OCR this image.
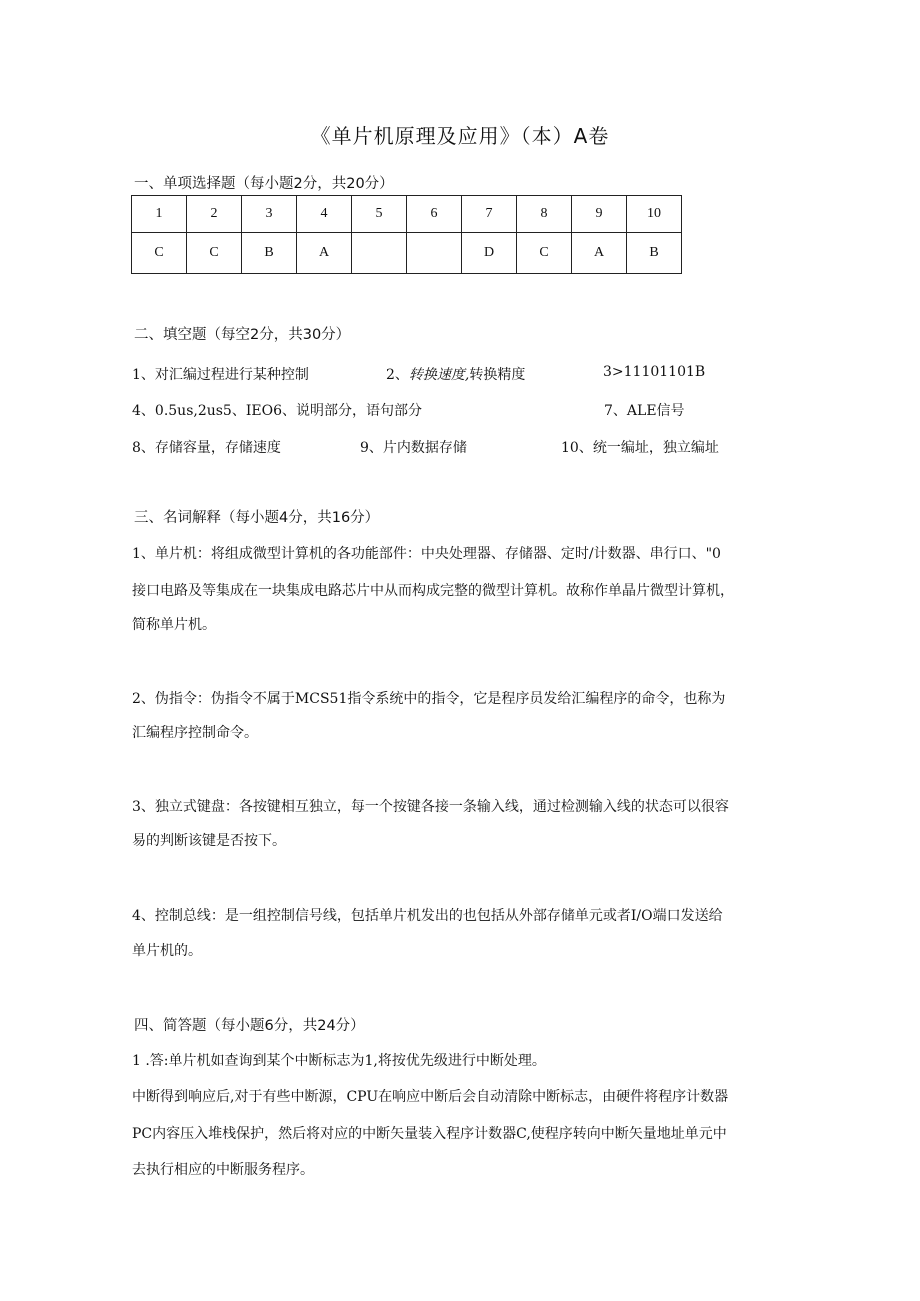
《单片机原理及应用》（本）A卷
一、单项选择题（每小题2分，共20分）
1	2	3	4	5	6	7	8	9	10
C	C	B	A			D	C	A	B
二、填空题（每空2分，共30分）
1、对汇编过程进行某种控制	2、转换速度,转换精度	3>11101101B
4、0.5us,2us5、IEO6、说明部分，语句部分	7、ALE信号
8、存储容量，存储速度	9、片内数据存储	10、统一编址，独立编址
三、名词解释（每小题4分，共16分）
1、单片机：将组成微型计算机的各功能部件：中央处理器、存储器、定时/计数器、串行口、"0
接口电路及等集成在一块集成电路芯片中从而构成完整的微型计算机。故称作单晶片微型计算机，
简称单片机。
2、伪指令：伪指令不属于MCS51指令系统中的指令，它是程序员发给汇编程序的命令，也称为
汇编程序控制命令。
3、独立式键盘：各按键相互独立，每一个按键各接一条输入线，通过检测输入线的状态可以很容
易的判断该键是否按下。
4、控制总线：是一组控制信号线，包括单片机发出的也包括从外部存储单元或者I/O端口发送给
单片机的。
四、简答题（每小题6分，共24分）
1 .答:单片机如查询到某个中断标志为1,将按优先级进行中断处理。
中断得到响应后,对于有些中断源，CPU在响应中断后会自动清除中断标志，由硬件将程序计数器
PC内容压入堆栈保护，然后将对应的中断矢量装入程序计数器C,使程序转向中断矢量地址单元中
去执行相应的中断服务程序。
